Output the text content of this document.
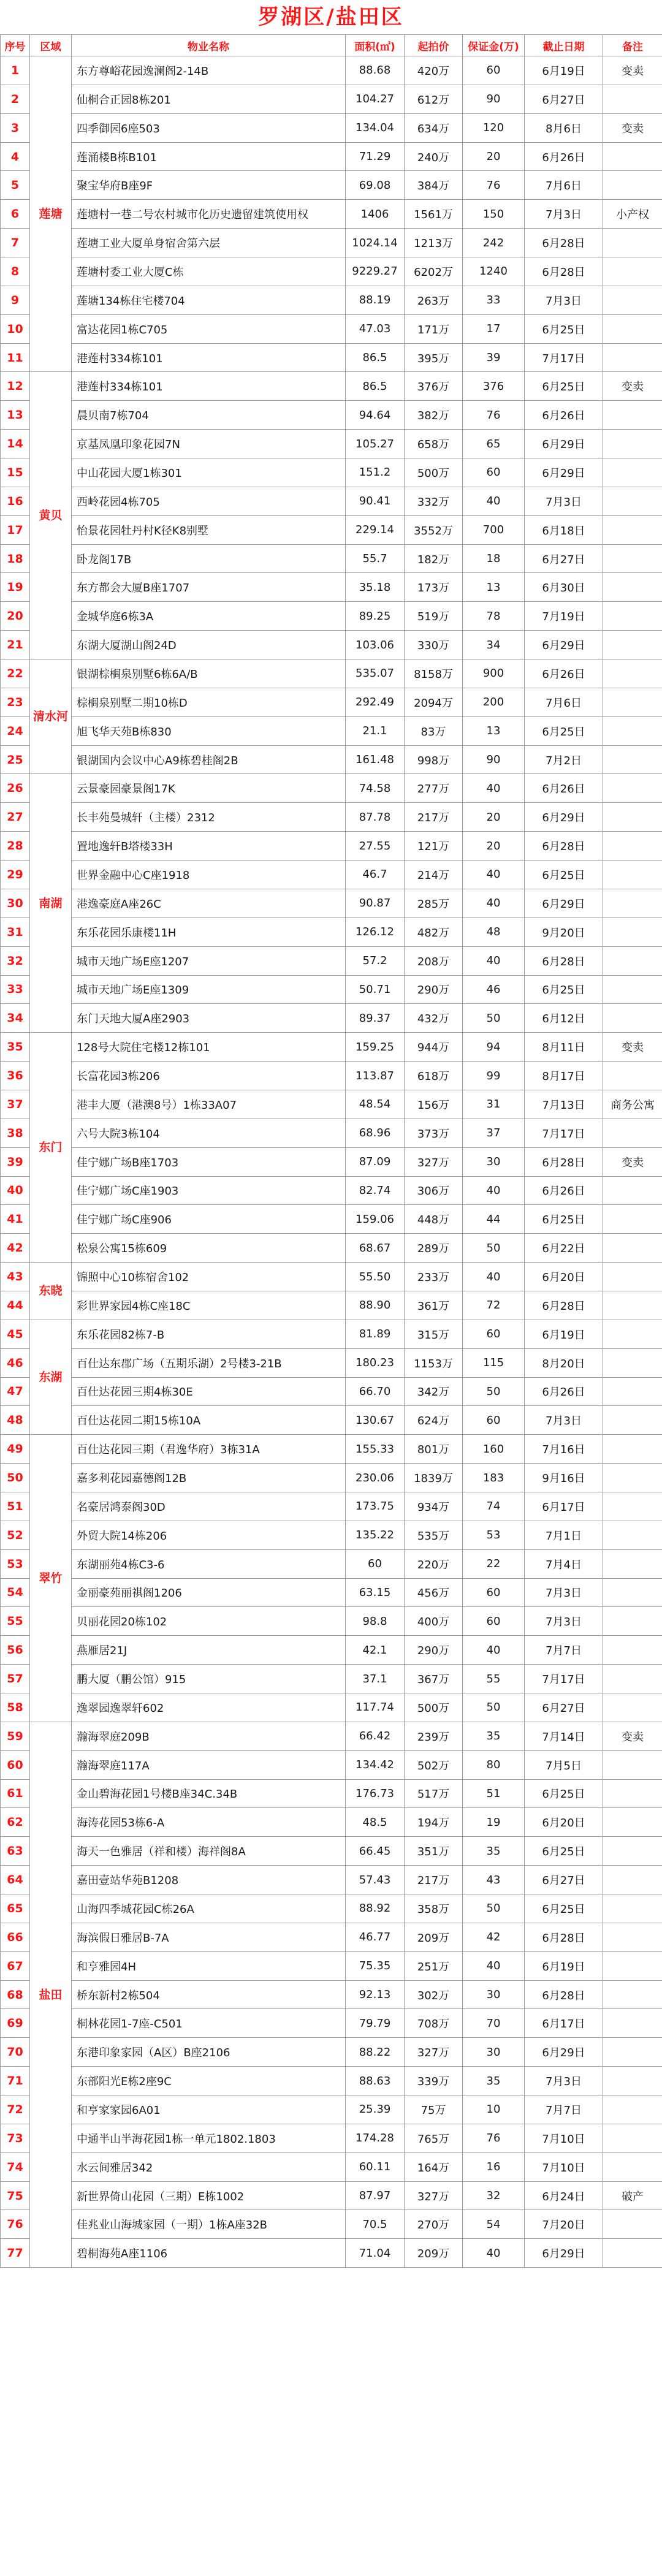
罗湖区/盐田区
序号	区域	物业名称	面积(㎡)	起拍价	保证金(万)	截止日期	备注
1	莲塘	东方尊峪花园逸澜阁2-14B	88.68	420万	60	6月19日	变卖
2		仙桐合正园8栋201	104.27	612万	90	6月27日	
3		四季御园6座503	134.04	634万	120	8月6日	变卖
4		莲涌楼B栋B101	71.29	240万	20	6月26日	
5		聚宝华府B座9F	69.08	384万	76	7月6日	
6		莲塘村一巷二号农村城市化历史遗留建筑使用权	1406	1561万	150	7月3日	小产权
7		莲塘工业大厦单身宿舍第六层	1024.14	1213万	242	6月28日	
8		莲塘村委工业大厦C栋	9229.27	6202万	1240	6月28日	
9		莲塘134栋住宅楼704	88.19	263万	33	7月3日	
10		富达花园1栋C705	47.03	171万	17	6月25日	
11		港莲村334栋101	86.5	395万	39	7月17日	
12	黄贝	港莲村334栋101	86.5	376万	376	6月25日	变卖
13		晨贝南7栋704	94.64	382万	76	6月26日	
14		京基凤凰印象花园7N	105.27	658万	65	6月29日	
15		中山花园大厦1栋301	151.2	500万	60	6月29日	
16		西岭花园4栋705	90.41	332万	40	7月3日	
17		怡景花园牡丹村K径K8别墅	229.14	3552万	700	6月18日	
18		卧龙阁17B	55.7	182万	18	6月27日	
19		东方都会大厦B座1707	35.18	173万	13	6月30日	
20		金城华庭6栋3A	89.25	519万	78	7月19日	
21		东湖大厦湖山阁24D	103.06	330万	34	6月29日	
22	清水河	银湖棕榈泉别墅6栋6A/B	535.07	8158万	900	6月26日	
23		棕榈泉别墅二期10栋D	292.49	2094万	200	7月6日	
24		旭飞华天苑B栋830	21.1	83万	13	6月25日	
25		银湖国内会议中心A9栋碧桂阁2B	161.48	998万	90	7月2日	
26	南湖	云景豪园豪景阁17K	74.58	277万	40	6月26日	
27		长丰苑曼城轩（主楼）2312	87.78	217万	20	6月29日	
28		置地逸轩B塔楼33H	27.55	121万	20	6月28日	
29		世界金融中心C座1918	46.7	214万	40	6月25日	
30		港逸豪庭A座26C	90.87	285万	40	6月29日	
31		东乐花园乐康楼11H	126.12	482万	48	9月20日	
32		城市天地广场E座1207	57.2	208万	40	6月28日	
33		城市天地广场E座1309	50.71	290万	46	6月25日	
34		东门天地大厦A座2903	89.37	432万	50	6月12日	
35	东门	128号大院住宅楼12栋101	159.25	944万	94	8月11日	变卖
36		长富花园3栋206	113.87	618万	99	8月17日	
37		港丰大厦（港澳8号）1栋33A07	48.54	156万	31	7月13日	商务公寓
38		六号大院3栋104	68.96	373万	37	7月17日	
39		佳宁娜广场B座1703	87.09	327万	30	6月28日	变卖
40		佳宁娜广场C座1903	82.74	306万	40	6月26日	
41		佳宁娜广场C座906	159.06	448万	44	6月25日	
42		松泉公寓15栋609	68.67	289万	50	6月22日	
43	东晓	锦照中心10栋宿舍102	55.50	233万	40	6月20日	
44		彩世界家园4栋C座18C	88.90	361万	72	6月28日	
45	东湖	东乐花园82栋7-B	81.89	315万	60	6月19日	
46		百仕达东郡广场（五期乐湖）2号楼3-21B	180.23	1153万	115	8月20日	
47		百仕达花园三期4栋30E	66.70	342万	50	6月26日	
48		百仕达花园二期15栋10A	130.67	624万	60	7月3日	
49	翠竹	百仕达花园三期（君逸华府）3栋31A	155.33	801万	160	7月16日	
50		嘉多利花园嘉德阁12B	230.06	1839万	183	9月16日	
51		名豪居鸿泰阁30D	173.75	934万	74	6月17日	
52		外贸大院14栋206	135.22	535万	53	7月1日	
53		东湖丽苑4栋C3-6	60	220万	22	7月4日	
54		金丽豪苑丽祺阁1206	63.15	456万	60	7月3日	
55		贝丽花园20栋102	98.8	400万	60	7月3日	
56		燕雁居21J	42.1	290万	40	7月7日	
57		鹏大厦（鹏公馆）915	37.1	367万	55	7月17日	
58		逸翠园逸翠轩602	117.74	500万	50	6月27日	
59	盐田	瀚海翠庭209B	66.42	239万	35	7月14日	变卖
60		瀚海翠庭117A	134.42	502万	80	7月5日	
61		金山碧海花园1号楼B座34C.34B	176.73	517万	51	6月25日	
62		海涛花园53栋6-A	48.5	194万	19	6月20日	
63		海天一色雅居（祥和楼）海祥阁8A	66.45	351万	35	6月25日	
64		嘉田壹站华苑B1208	57.43	217万	43	6月27日	
65		山海四季城花园C栋26A	88.92	358万	50	6月25日	
66		海滨假日雅居B-7A	46.77	209万	42	6月28日	
67		和亨雅园4H	75.35	251万	40	6月19日	
68		桥东新村2栋504	92.13	302万	30	6月28日	
69		桐林花园1-7座-C501	79.79	708万	70	6月17日	
70		东港印象家园（A区）B座2106	88.22	327万	30	6月29日	
71		东部阳光E栋2座9C	88.63	339万	35	7月3日	
72		和亨家家园6A01	25.39	75万	10	7月7日	
73		中通半山半海花园1栋一单元1802.1803	174.28	765万	76	7月10日	
74		水云间雅居342	60.11	164万	16	7月10日	
75		新世界倚山花园（三期）E栋1002	87.97	327万	32	6月24日	破产
76		佳兆业山海城家园（一期）1栋A座32B	70.5	270万	54	7月20日	
77		碧桐海苑A座1106	71.04	209万	40	6月29日	
